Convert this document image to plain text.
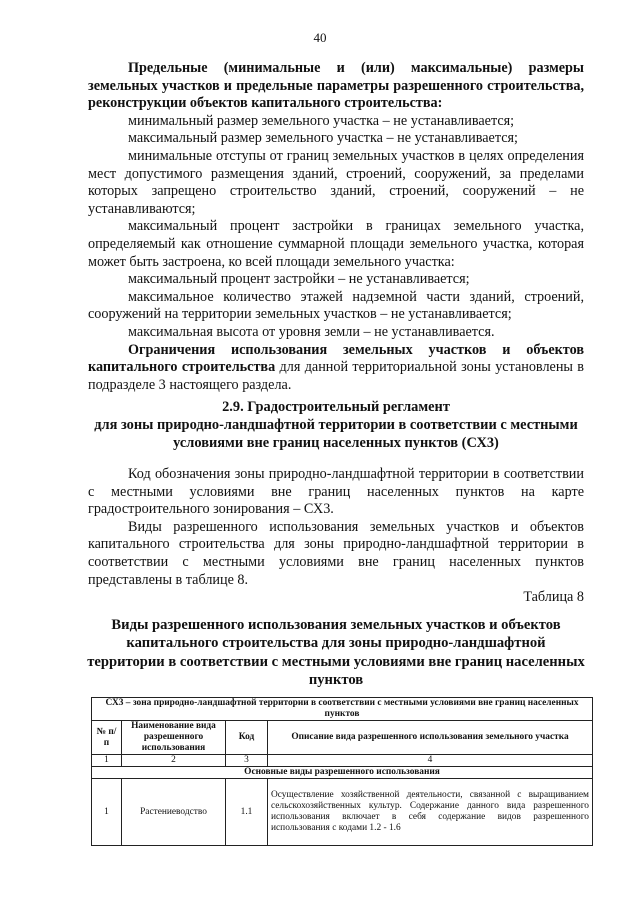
40

Предельные (минимальные и (или) максимальные) размеры земельных участков и предельные параметры разрешенного строительства, реконструкции объектов капитального строительства:

минимальный размер земельного участка – не устанавливается;

максимальный размер земельного участка – не устанавливается;

минимальные отступы от границ земельных участков в целях определения мест допустимого размещения зданий, строений, сооружений, за пределами которых запрещено строительство зданий, строений, сооружений – не устанавливаются;

максимальный процент застройки в границах земельного участка, определяемый как отношение суммарной площади земельного участка, которая может быть застроена, ко всей площади земельного участка:

максимальный процент застройки – не устанавливается;

максимальное количество этажей надземной части зданий, строений, сооружений на территории земельных участков – не устанавливается;

максимальная высота от уровня земли – не устанавливается.

Ограничения использования земельных участков и объектов капитального строительства для данной территориальной зоны установлены в подразделе 3 настоящего раздела.

2.9. Градостроительный регламент

для зоны природно-ландшафтной территории в соответствии с местными условиями вне границ населенных пунктов (СХ3)

Код обозначения зоны природно-ландшафтной территории в соответствии с местными условиями вне границ населенных пунктов на карте градостроительного зонирования – СХ3.

Виды разрешенного использования земельных участков и объектов капитального строительства для зоны природно-ландшафтной территории в соответствии с местными условиями вне границ населенных пунктов представлены в таблице 8.

Таблица 8

Виды разрешенного использования земельных участков и объектов капитального строительства для зоны природно-ландшафтной территории в соответствии с местными условиями вне границ населенных пунктов

СХ3 – зона природно-ландшафтной территории в соответствии с местными условиями вне границ населенных пунктов			
№ п/п	Наименование вида разрешенного использования	Код	Описание вида разрешенного использования земельного участка
1	2	3	4
Основные виды разрешенного использования			
1	Растениеводство	1.1	Осуществление хозяйственной деятельности, связанной с выращиванием сельскохозяйственных культур. Содержание данного вида разрешенного использования включает в себя содержание видов разрешенного использования с кодами 1.2 - 1.6
